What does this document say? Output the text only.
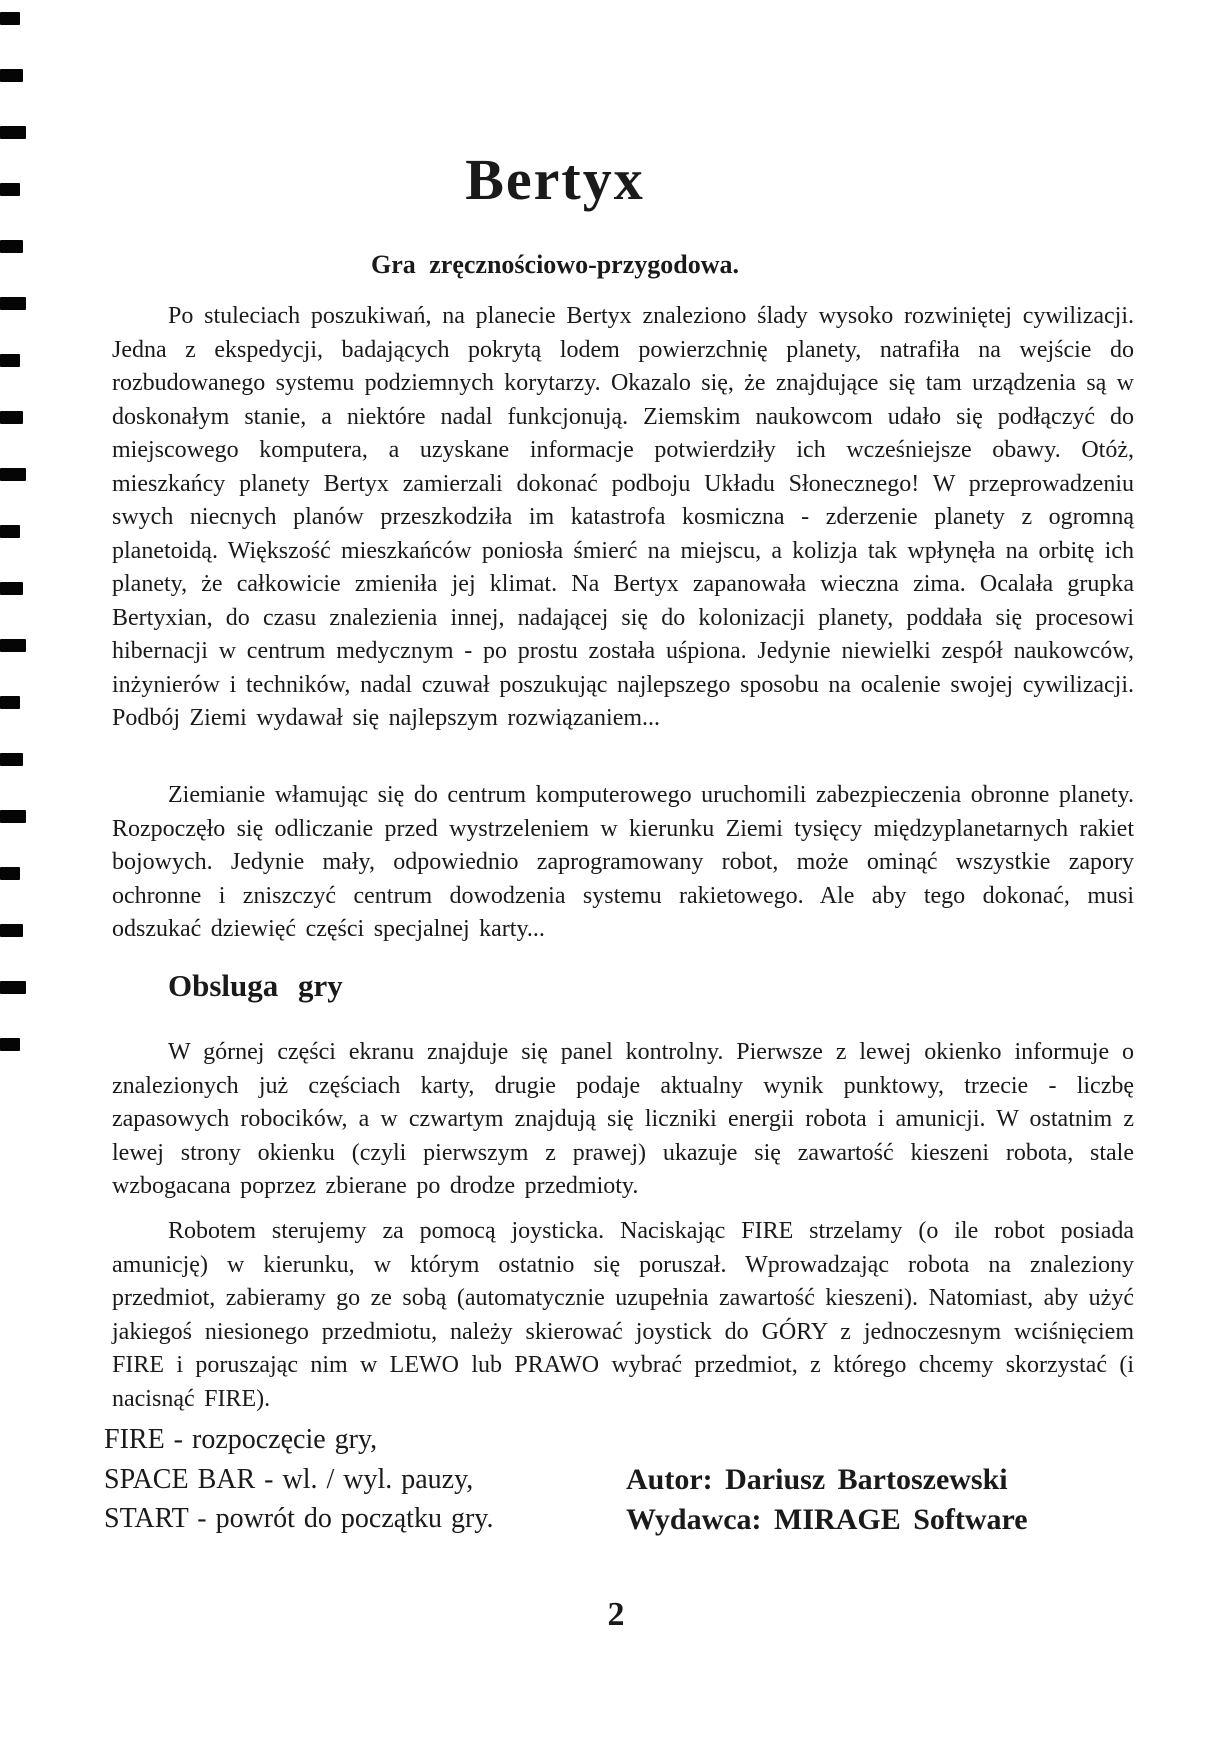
Bertyx
Gra zręcznościowo-przygodowa.

Po stuleciach poszukiwań, na planecie Bertyx znaleziono ślady wysoko rozwiniętej cywilizacji. Jedna z ekspedycji, badających pokrytą lodem powierzchnię planety, natrafiła na wejście do rozbudowanego systemu podziemnych korytarzy. Okazalo się, że znajdujące się tam urządzenia są w doskonałym stanie, a niektóre nadal funkcjonują. Ziemskim naukowcom udało się podłączyć do miejscowego komputera, a uzyskane informacje potwierdziły ich wcześniejsze obawy. Otóż, mieszkańcy planety Bertyx zamierzali dokonać podboju Układu Słonecznego! W przeprowadzeniu swych niecnych planów przeszkodziła im katastrofa kosmiczna - zderzenie planety z ogromną planetoidą. Większość mieszkańców poniosła śmierć na miejscu, a kolizja tak wpłynęła na orbitę ich planety, że całkowicie zmieniła jej klimat. Na Bertyx zapanowała wieczna zima. Ocalała grupka Bertyxian, do czasu znalezienia innej, nadającej się do kolonizacji planety, poddała się procesowi hibernacji w centrum medycznym - po prostu została uśpiona. Jedynie niewielki zespół naukowców, inżynierów i techników, nadal czuwał poszukując najlepszego sposobu na ocalenie swojej cywilizacji. Podbój Ziemi wydawał się najlepszym rozwiązaniem...

Ziemianie włamując się do centrum komputerowego uruchomili zabezpieczenia obronne planety. Rozpoczęło się odliczanie przed wystrzeleniem w kierunku Ziemi tysięcy międzyplanetarnych rakiet bojowych. Jedynie mały, odpowiednio zaprogramowany robot, może ominąć wszystkie zapory ochronne i zniszczyć centrum dowodzenia systemu rakietowego. Ale aby tego dokonać, musi odszukać dziewięć części specjalnej karty...

Obsluga gry

W górnej części ekranu znajduje się panel kontrolny. Pierwsze z lewej okienko informuje o znalezionych już częściach karty, drugie podaje aktualny wynik punktowy, trzecie - liczbę zapasowych robocików, a w czwartym znajdują się liczniki energii robota i amunicji. W ostatnim z lewej strony okienku (czyli pierwszym z prawej) ukazuje się zawartość kieszeni robota, stale wzbogacana poprzez zbierane po drodze przedmioty.

Robotem sterujemy za pomocą joysticka. Naciskając FIRE strzelamy (o ile robot posiada amunicję) w kierunku, w którym ostatnio się poruszał. Wprowadzając robota na znaleziony przedmiot, zabieramy go ze sobą (automatycznie uzupełnia zawartość kieszeni). Natomiast, aby użyć jakiegoś niesionego przedmiotu, należy skierować joystick do GÓRY z jednoczesnym wciśnięciem FIRE i poruszając nim w LEWO lub PRAWO wybrać przedmiot, z którego chcemy skorzystać (i nacisnąć FIRE).

FIRE - rozpoczęcie gry,
SPACE BAR - wl. / wyl. pauzy,
START - powrót do początku gry.
Autor: Dariusz Bartoszewski
Wydawca: MIRAGE Software
2
